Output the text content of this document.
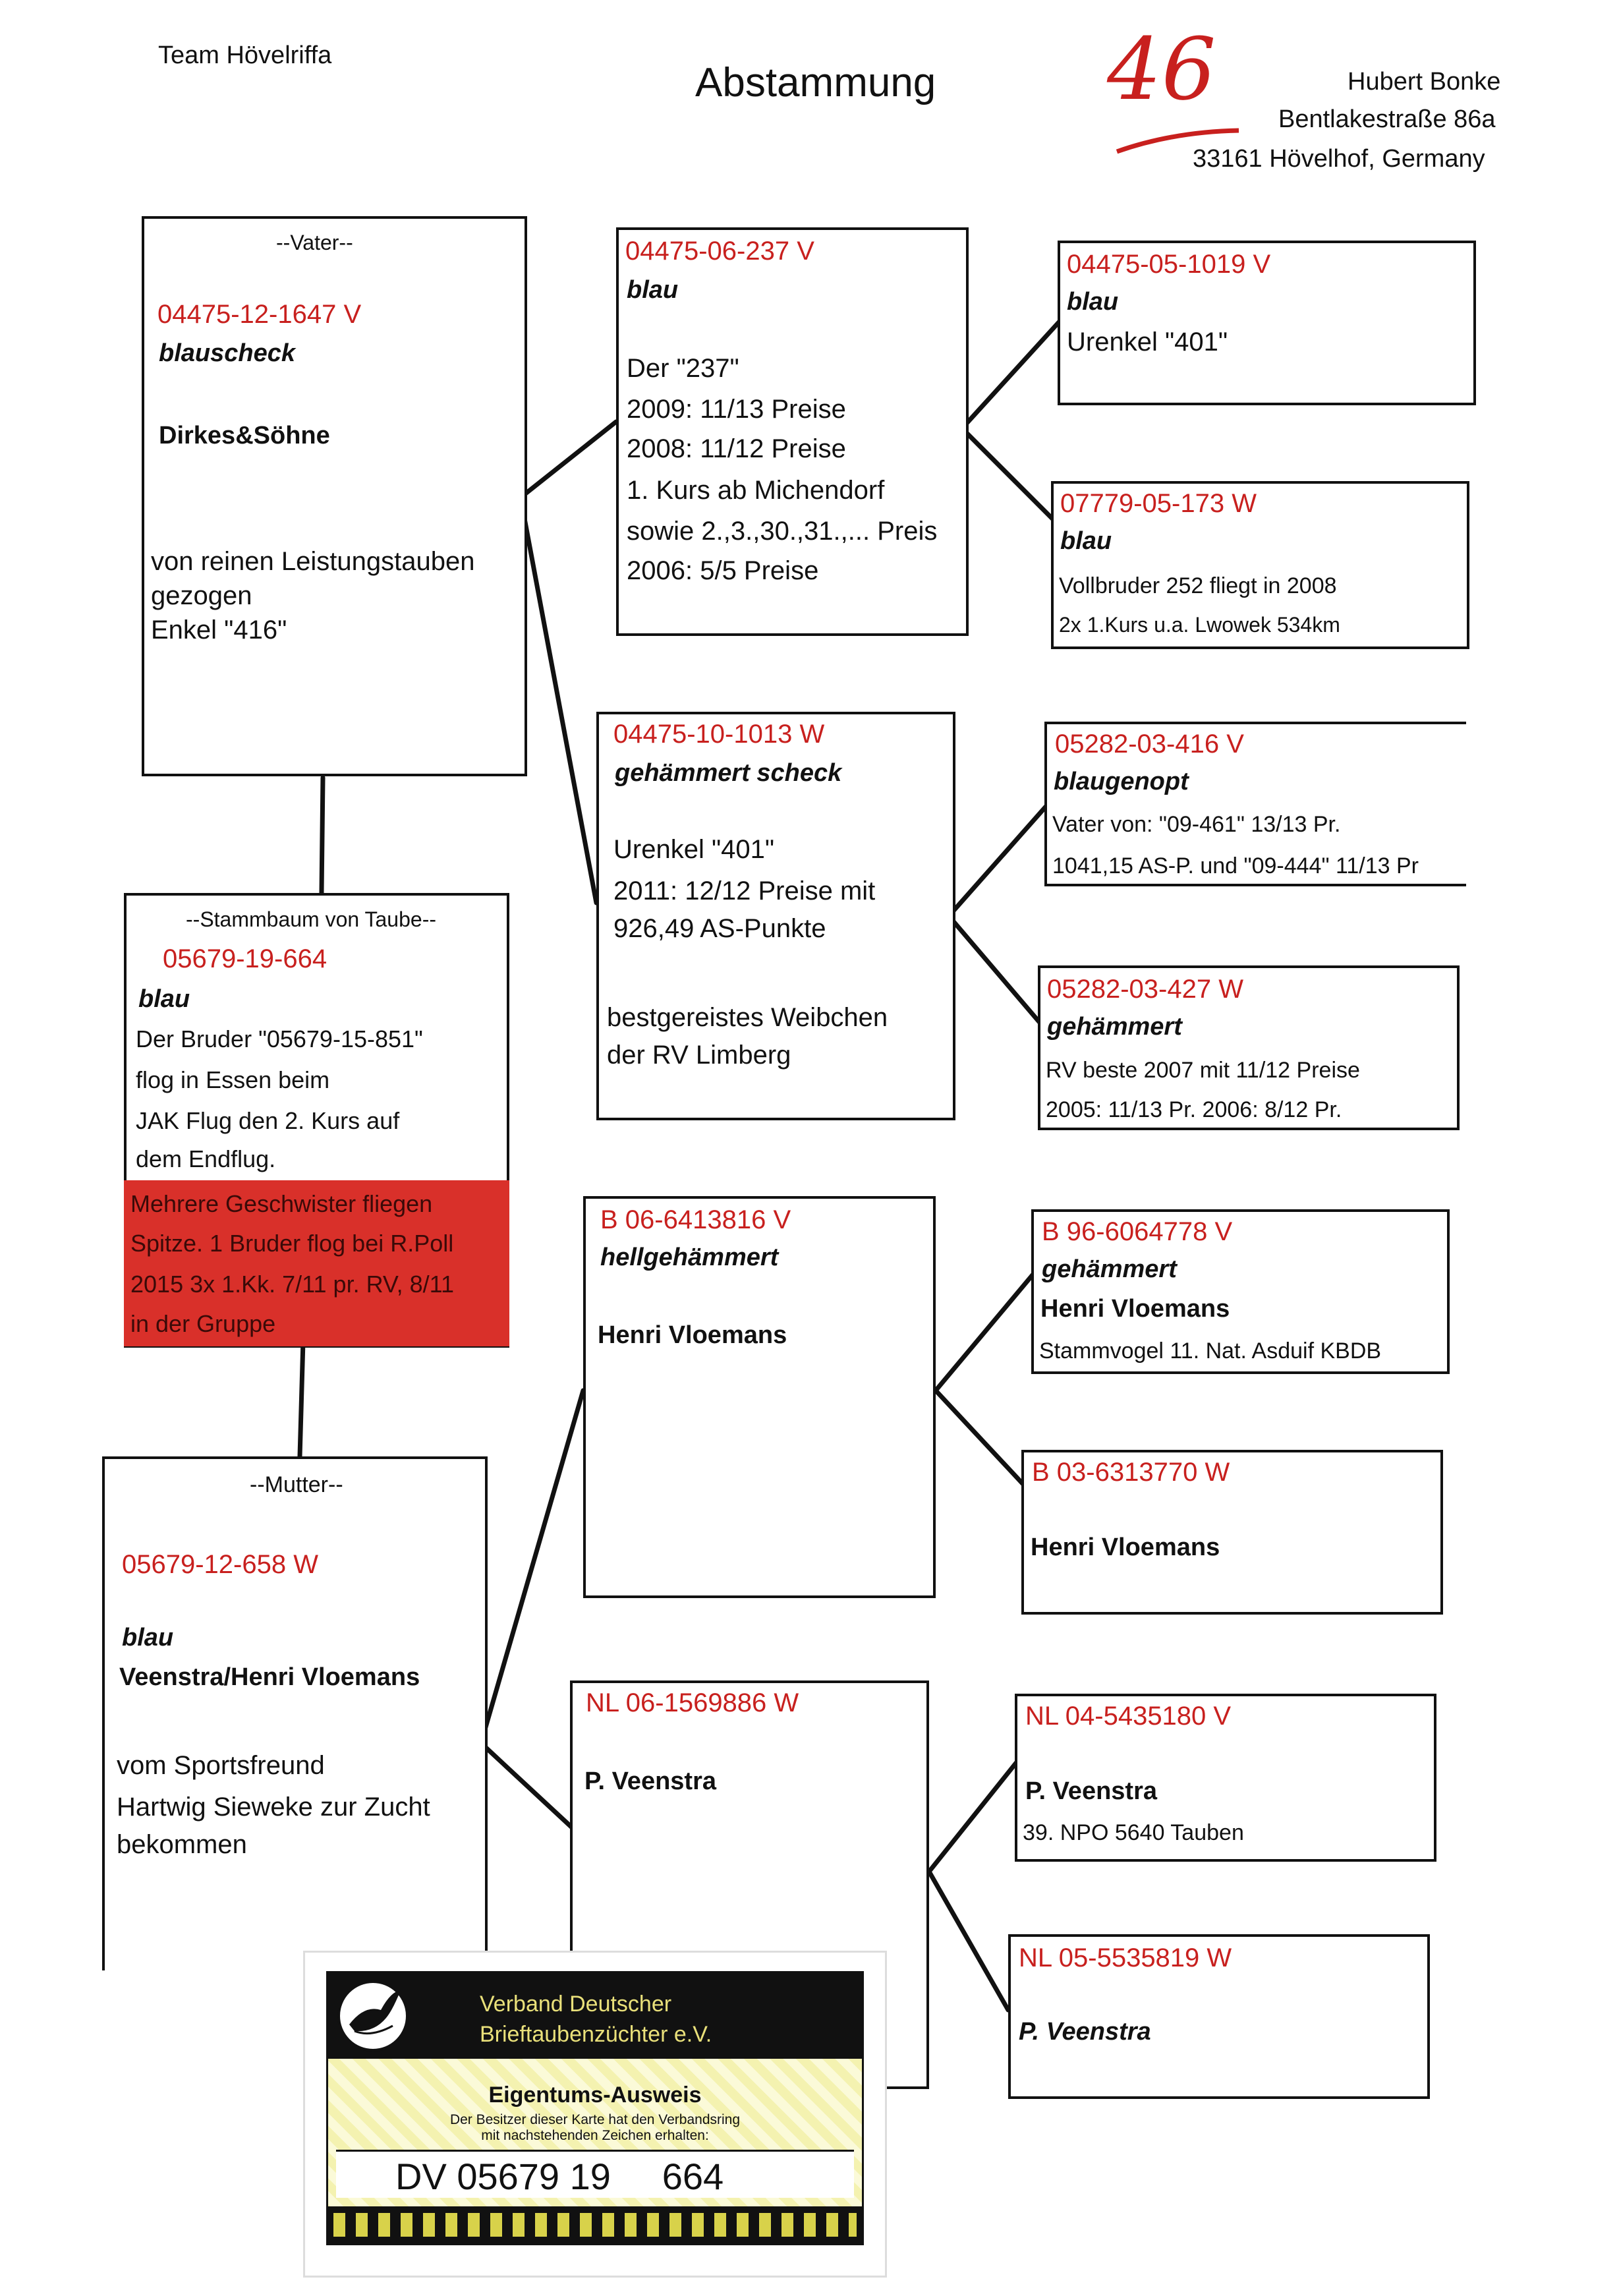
Team Hövelriffa
Abstammung 46	Hubert Bonke
Bentlakestraße 86a
33161 Hövelhof, Germany
--Vater--
04475-12-1647 V
blauscheck
Dirkes&Söhne
von reinen Leistungstauben
gezogen
Enkel "416"
--Stammbaum von Taube--
05679-19-664
blau
Der Bruder "05679-15-851"
flog in Essen beim
JAK Flug den 2. Kurs auf
dem Endflug.
Mehrere Geschwister fliegen
Spitze. 1 Bruder flog bei R.Poll
2015 3x 1.Kk. 7/11 pr. RV, 8/11
in der Gruppe
--Mutter--
05679-12-658 W
blau
Veenstra/Henri Vloemans
vom Sportsfreund
Hartwig Sieweke zur Zucht
bekommen
04475-06-237 V
blau
Der "237"
2009: 11/13 Preise
2008: 11/12 Preise
1. Kurs ab Michendorf
sowie 2.,3.,30.,31.,... Preis
2006: 5/5 Preise
04475-10-1013 W
gehämmert scheck
Urenkel "401"
2011: 12/12 Preise mit
926,49 AS-Punkte
bestgereistes Weibchen
der RV Limberg
B 06-6413816 V
hellgehämmert
Henri Vloemans
NL 06-1569886 W
P. Veenstra
04475-05-1019 V
blau
Urenkel "401"
07779-05-173 W
blau
Vollbruder 252 fliegt in 2008
2x 1.Kurs u.a. Lwowek 534km
05282-03-416 V
blaugenopt
Vater von: "09-461" 13/13 Pr.
1041,15 AS-P. und "09-444" 11/13 Pr
05282-03-427 W
gehämmert
RV beste 2007 mit 11/12 Preise
2005: 11/13 Pr. 2006: 8/12 Pr.
B 96-6064778 V
gehämmert
Henri Vloemans
Stammvogel 11. Nat. Asduif KBDB
B 03-6313770 W
Henri Vloemans
NL 04-5435180 V
P. Veenstra
39. NPO 5640 Tauben
NL 05-5535819 W
P. Veenstra
Verband Deutscher
Brieftaubenzüchter e.V.
Eigentums-Ausweis
Der Besitzer dieser Karte hat den Verbandsring
mit nachstehenden Zeichen erhalten:
DV 05679 19     664
